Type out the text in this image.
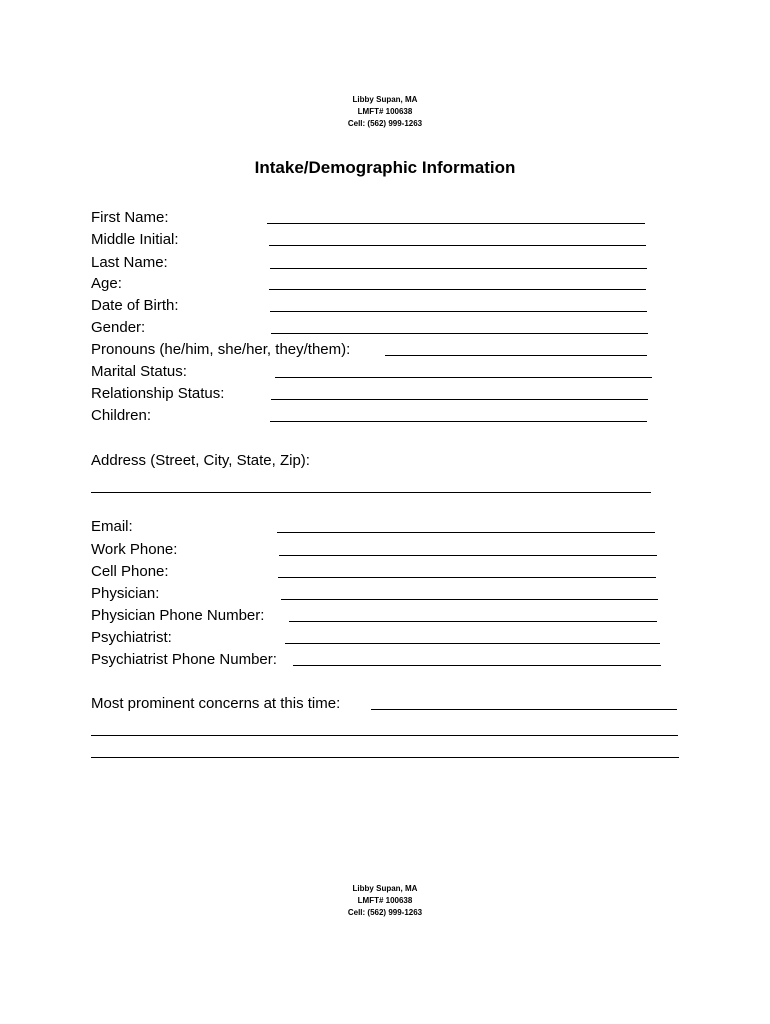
Libby Supan, MA
LMFT# 100638
Cell: (562) 999-1263
Intake/Demographic Information
First Name:
Middle Initial:
Last Name:
Age:
Date of Birth:
Gender:
Pronouns (he/him, she/her, they/them):
Marital Status:
Relationship Status:
Children:
Address (Street, City, State, Zip):
Email:
Work Phone:
Cell Phone:
Physician:
Physician Phone Number:
Psychiatrist:
Psychiatrist Phone Number:
Most prominent concerns at this time:
Libby Supan, MA
LMFT# 100638
Cell: (562) 999-1263
